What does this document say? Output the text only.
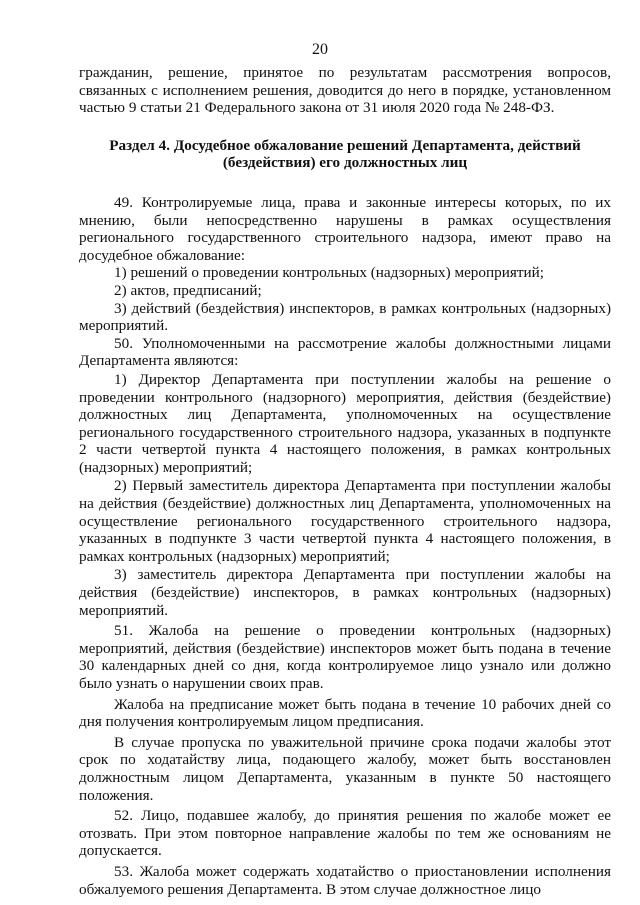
20

гражданин, решение, принятое по результатам рассмотрения вопросов, связанных с исполнением решения, доводится до него в порядке, установленном частью 9 статьи 21 Федерального закона от 31 июля 2020 года № 248-ФЗ.

Раздел 4. Досудебное обжалование решений Департамента, действий (бездействия) его должностных лиц

49. Контролируемые лица, права и законные интересы которых, по их мнению, были непосредственно нарушены в рамках осуществления регионального государственного строительного надзора, имеют право на досудебное обжалование:

1) решений о проведении контрольных (надзорных) мероприятий;

2) актов, предписаний;

3) действий (бездействия) инспекторов, в рамках контрольных (надзорных) мероприятий.

50. Уполномоченными на рассмотрение жалобы должностными лицами Департамента являются:

1) Директор Департамента при поступлении жалобы на решение о проведении контрольного (надзорного) мероприятия, действия (бездействие) должностных лиц Департамента, уполномоченных на осуществление регионального государственного строительного надзора, указанных в подпункте 2 части четвертой пункта 4 настоящего положения, в рамках контрольных (надзорных) мероприятий;

2) Первый заместитель директора Департамента при поступлении жалобы на действия (бездействие) должностных лиц Департамента, уполномоченных на осуществление регионального государственного строительного надзора, указанных в подпункте 3 части четвертой пункта 4 настоящего положения, в рамках контрольных (надзорных) мероприятий;

3) заместитель директора Департамента при поступлении жалобы на действия (бездействие) инспекторов, в рамках контрольных (надзорных) мероприятий.

51. Жалоба на решение о проведении контрольных (надзорных) мероприятий, действия (бездействие) инспекторов может быть подана в течение 30 календарных дней со дня, когда контролируемое лицо узнало или должно было узнать о нарушении своих прав.

Жалоба на предписание может быть подана в течение 10 рабочих дней со дня получения контролируемым лицом предписания.

В случае пропуска по уважительной причине срока подачи жалобы этот срок по ходатайству лица, подающего жалобу, может быть восстановлен должностным лицом Департамента, указанным в пункте 50 настоящего положения.

52. Лицо, подавшее жалобу, до принятия решения по жалобе может ее отозвать. При этом повторное направление жалобы по тем же основаниям не допускается.

53. Жалоба может содержать ходатайство о приостановлении исполнения обжалуемого решения Департамента. В этом случае должностное лицо
